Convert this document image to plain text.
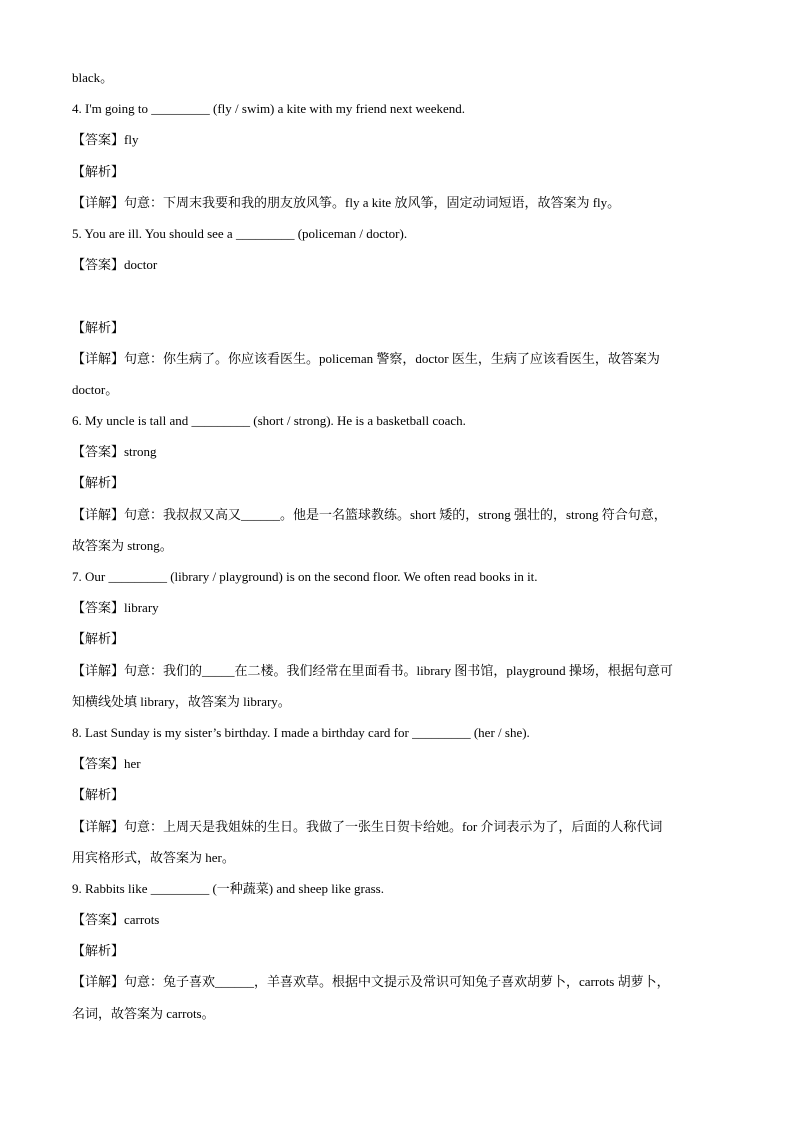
black。
4. I'm going to _________ (fly / swim) a kite with my friend next weekend.
【答案】fly
【解析】
【详解】句意：下周末我要和我的朋友放风筝。fly a kite 放风筝，固定动词短语，故答案为 fly。
5. You are ill. You should see a _________ (policeman / doctor).
【答案】doctor
【解析】
【详解】句意：你生病了。你应该看医生。policeman 警察，doctor 医生，生病了应该看医生，故答案为
doctor。
6. My uncle is tall and _________ (short / strong). He is a basketball coach.
【答案】strong
【解析】
【详解】句意：我叔叔又高又______。他是一名篮球教练。short 矮的，strong 强壮的，strong 符合句意，
故答案为 strong。
7. Our _________ (library / playground) is on the second floor. We often read books in it.
【答案】library
【解析】
【详解】句意：我们的_____在二楼。我们经常在里面看书。library 图书馆，playground 操场，根据句意可
知横线处填 library，故答案为 library。
8. Last Sunday is my sister’s birthday. I made a birthday card for _________ (her / she).
【答案】her
【解析】
【详解】句意：上周天是我姐妹的生日。我做了一张生日贺卡给她。for 介词表示为了，后面的人称代词
用宾格形式，故答案为 her。
9. Rabbits like _________ (一种蔬菜) and sheep like grass.
【答案】carrots
【解析】
【详解】句意：兔子喜欢______，羊喜欢草。根据中文提示及常识可知兔子喜欢胡萝卜，carrots 胡萝卜，
名词，故答案为 carrots。
